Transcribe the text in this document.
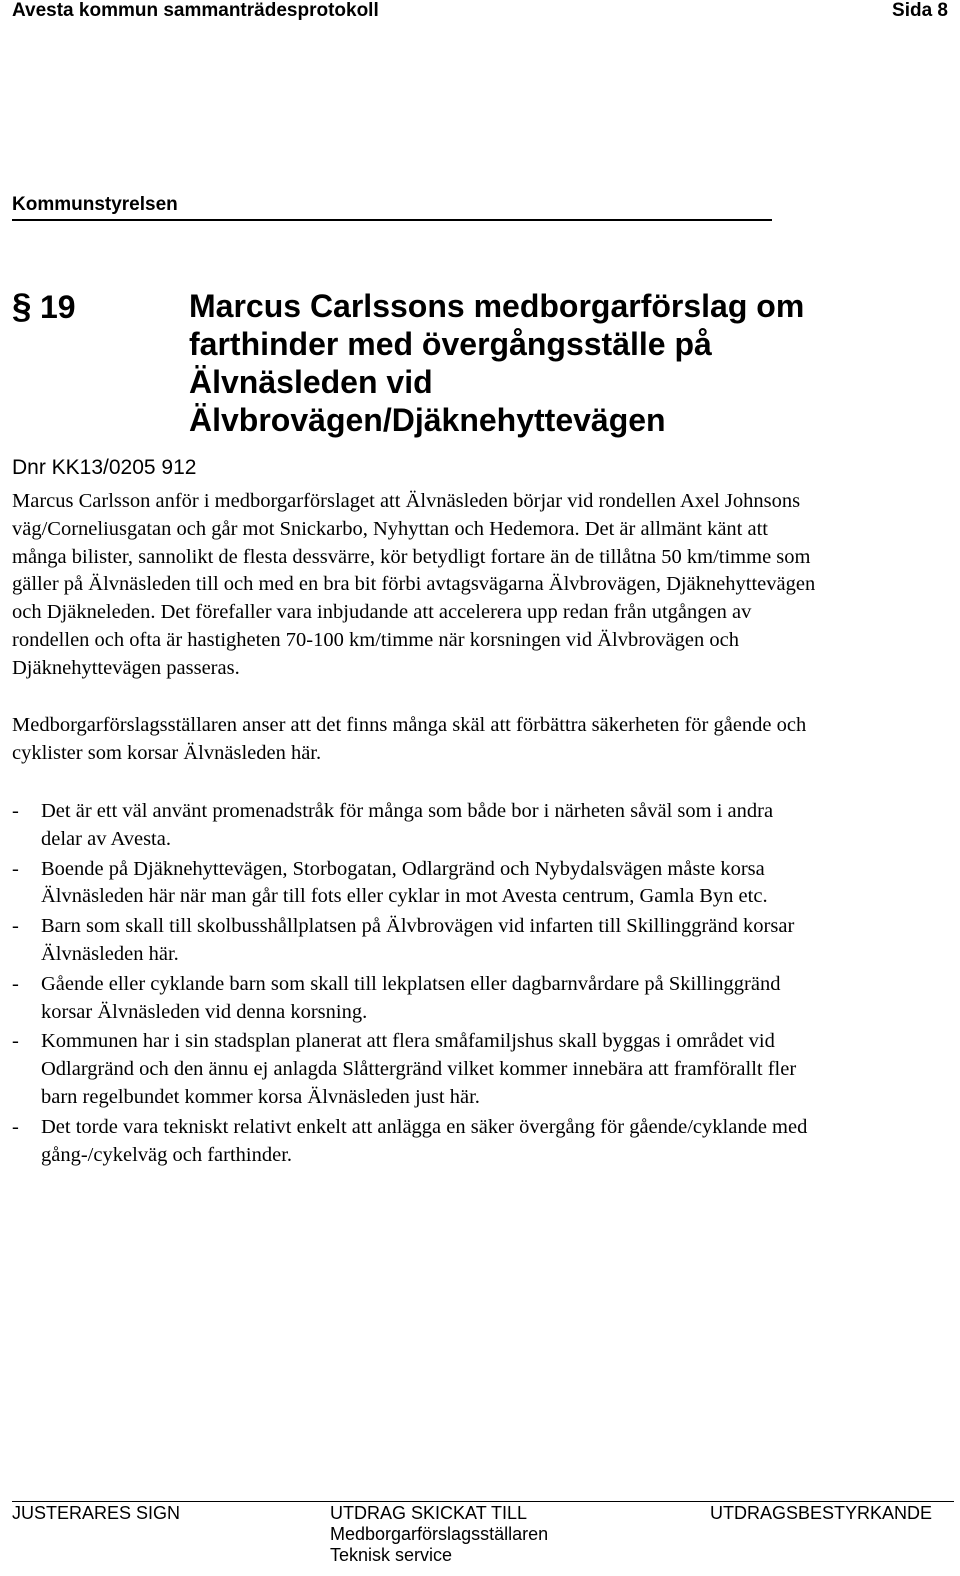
Avesta kommun sammanträdesprotokoll	Sida 8
Kommunstyrelsen
§ 19	Marcus Carlssons medborgarförslag om
farthinder med övergångsställe på
Älvnäsleden vid
Älvbrovägen/Djäknehyttevägen
Dnr KK13/0205 912
Marcus Carlsson anför i medborgarförslaget att Älvnäsleden börjar vid rondellen Axel Johnsons
väg/Corneliusgatan och går mot Snickarbo, Nyhyttan och Hedemora. Det är allmänt känt att
många bilister, sannolikt de flesta dessvärre, kör betydligt fortare än de tillåtna 50 km/timme som
gäller på Älvnäsleden till och med en bra bit förbi avtagsvägarna Älvbrovägen, Djäknehyttevägen
och Djäkneleden. Det förefaller vara inbjudande att accelerera upp redan från utgången av
rondellen och ofta är hastigheten 70-100 km/timme när korsningen vid Älvbrovägen och
Djäknehyttevägen passeras.
Medborgarförslagsställaren anser att det finns många skäl att förbättra säkerheten för gående och
cyklister som korsar Älvnäsleden här.
- Det är ett väl använt promenadstråk för många som både bor i närheten såväl som i andra
delar av Avesta.
- Boende på Djäknehyttevägen, Storbogatan, Odlargränd och Nybydalsvägen måste korsa
Älvnäsleden här när man går till fots eller cyklar in mot Avesta centrum, Gamla Byn etc.
- Barn som skall till skolbusshållplatsen på Älvbrovägen vid infarten till Skillinggränd korsar
Älvnäsleden här.
- Gående eller cyklande barn som skall till lekplatsen eller dagbarnvårdare på Skillinggränd
korsar Älvnäsleden vid denna korsning.
- Kommunen har i sin stadsplan planerat att flera småfamiljshus skall byggas i området vid
Odlargränd och den ännu ej anlagda Slåttergränd vilket kommer innebära att framförallt fler
barn regelbundet kommer korsa Älvnäsleden just här.
- Det torde vara tekniskt relativt enkelt att anlägga en säker övergång för gående/cyklande med
gång-/cykelväg och farthinder.
JUSTERARES SIGN	UTDRAG SKICKAT TILL
Medborgarförslagsställaren
Teknisk service
UTDRAGSBESTYRKANDE
